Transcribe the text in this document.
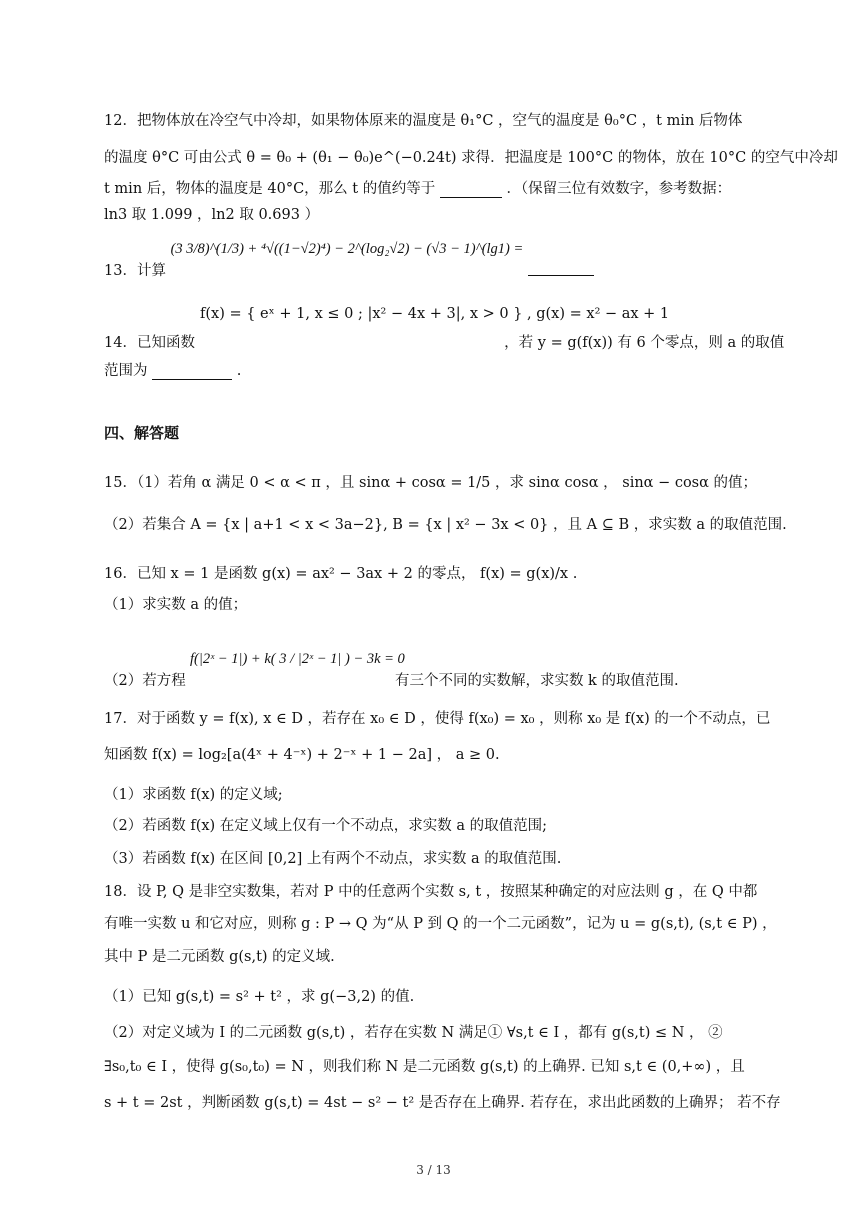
12．把物体放在冷空气中冷却，如果物体原来的温度是 θ₁°C ，空气的温度是 θ₀°C ，t min 后物体
的温度 θ°C 可由公式 θ = θ₀ + (θ₁ − θ₀)e^(−0.24t) 求得．把温度是 100°C 的物体，放在 10°C 的空气中冷却
t min 后，物体的温度是 40°C，那么 t 的值约等于	．（保留三位有效数字，参考数据：
ln3 取 1.099 ，ln2 取 0.693 ）
13．计算 (3 3/8)^(1/3) + ⁴√((1−√2)⁴) − 2^(log₂√2) − (√3 − 1)^(lg1) =
f(x) = { eˣ + 1, x ≤ 0 ; |x² − 4x + 3|, x > 0 } , g(x) = x² − ax + 1
14．已知函数	，若 y = g(f(x)) 有 6 个零点，则 a 的取值
范围为	.
四、解答题
15．（1）若角 α 满足 0 < α < π ，且 sinα + cosα = 1/5 ，求 sinα cosα ， sinα − cosα 的值；
（2）若集合 A = {x | a+1 < x < 3a−2}, B = {x | x² − 3x < 0} ，且 A ⊆ B ，求实数 a 的取值范围.
16．已知 x = 1 是函数 g(x) = ax² − 3ax + 2 的零点， f(x) = g(x)/x .
（1）求实数 a 的值；
f(|2ˣ − 1|) + k( 3 / |2ˣ − 1| ) − 3k = 0
（2）若方程	有三个不同的实数解，求实数 k 的取值范围.
17．对于函数 y = f(x), x ∈ D ，若存在 x₀ ∈ D ，使得 f(x₀) = x₀ ，则称 x₀ 是 f(x) 的一个不动点，已
知函数 f(x) = log₂[a(4ˣ + 4⁻ˣ) + 2⁻ˣ + 1 − 2a] ， a ≥ 0.
（1）求函数 f(x) 的定义域;
（2）若函数 f(x) 在定义域上仅有一个不动点，求实数 a 的取值范围;
（3）若函数 f(x) 在区间 [0,2] 上有两个不动点，求实数 a 的取值范围.
18．设 P, Q 是非空实数集，若对 P 中的任意两个实数 s, t ，按照某种确定的对应法则 g ，在 Q 中都
有唯一实数 u 和它对应，则称 g : P → Q 为“从 P 到 Q 的一个二元函数”，记为 u = g(s,t), (s,t ∈ P) ，
其中 P 是二元函数 g(s,t) 的定义域.
（1）已知 g(s,t) = s² + t² ，求 g(−3,2) 的值.
（2）对定义域为 I 的二元函数 g(s,t) ，若存在实数 N 满足① ∀s,t ∈ I ，都有 g(s,t) ≤ N ， ②
∃s₀,t₀ ∈ I ，使得 g(s₀,t₀) = N ，则我们称 N 是二元函数 g(s,t) 的上确界. 已知 s,t ∈ (0,+∞) ，且
s + t = 2st ，判断函数 g(s,t) = 4st − s² − t² 是否存在上确界. 若存在，求出此函数的上确界； 若不存
3 / 13
